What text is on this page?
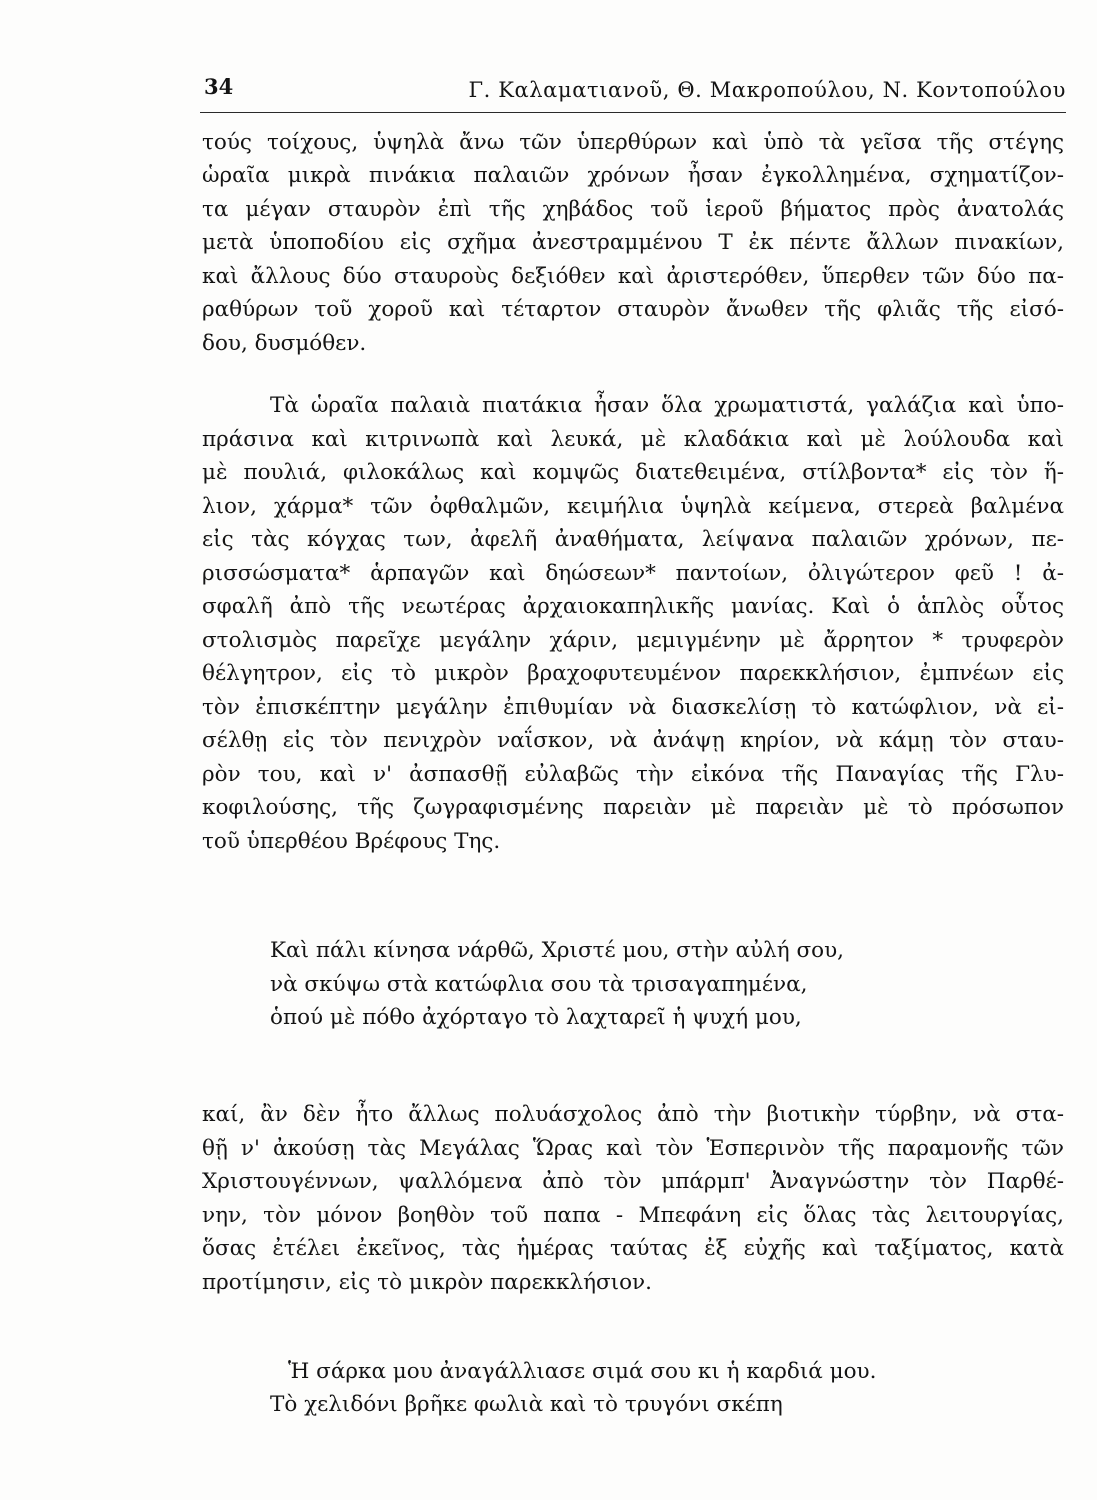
34	Γ. Καλαματιανοῦ, Θ. Μακροπούλου, Ν. Κοντοπούλου
τούς τοίχους, ὑψηλὰ ἄνω τῶν ὑπερθύρων καὶ ὑπὸ τὰ γεῖσα τῆς στέγης
ὡραῖα μικρὰ πινάκια παλαιῶν χρόνων ἦσαν ἐγκολλημένα, σχηματίζον-
τα μέγαν σταυρὸν ἐπὶ τῆς χηβάδος τοῦ ἱεροῦ βήματος πρὸς ἀνατολάς
μετὰ ὑποποδίου εἰς σχῆμα ἀνεστραμμένου Τ ἐκ πέντε ἄλλων πινακίων,
καὶ ἄλλους δύο σταυροὺς δεξιόθεν καὶ ἀριστερόθεν, ὕπερθεν τῶν δύο πα-
ραθύρων τοῦ χοροῦ καὶ τέταρτον σταυρὸν ἄνωθεν τῆς φλιᾶς τῆς εἰσό-
δου, δυσμόθεν.
Τὰ ὡραῖα παλαιὰ πιατάκια ἦσαν ὅλα χρωματιστά, γαλάζια καὶ ὑπο-
πράσινα καὶ κιτρινωπὰ καὶ λευκά, μὲ κλαδάκια καὶ μὲ λούλουδα καὶ
μὲ πουλιά, φιλοκάλως καὶ κομψῶς διατεθειμένα, στίλβοντα* εἰς τὸν ἥ-
λιον, χάρμα* τῶν ὀφθαλμῶν, κειμήλια ὑψηλὰ κείμενα, στερεὰ βαλμένα
εἰς τὰς κόγχας των, ἀφελῆ ἀναθήματα, λείψανα παλαιῶν χρόνων, πε-
ρισσώσματα* ἁρπαγῶν καὶ δηώσεων* παντοίων, ὀλιγώτερον φεῦ ! ἀ-
σφαλῆ ἀπὸ τῆς νεωτέρας ἀρχαιοκαπηλικῆς μανίας. Καὶ ὁ ἁπλὸς οὗτος
στολισμὸς παρεῖχε μεγάλην χάριν, μεμιγμένην μὲ ἄρρητον * τρυφερὸν
θέλγητρον, εἰς τὸ μικρὸν βραχοφυτευμένον παρεκκλήσιον, ἐμπνέων εἰς
τὸν ἐπισκέπτην μεγάλην ἐπιθυμίαν νὰ διασκελίσῃ τὸ κατώφλιον, νὰ εἰ-
σέλθῃ εἰς τὸν πενιχρὸν ναΐσκον, νὰ ἀνάψῃ κηρίον, νὰ κάμῃ τὸν σταυ-
ρὸν του, καὶ ν' ἀσπασθῇ εὐλαβῶς τὴν εἰκόνα τῆς Παναγίας τῆς Γλυ-
κοφιλούσης, τῆς ζωγραφισμένης παρειὰν μὲ παρειὰν μὲ τὸ πρόσωπον
τοῦ ὑπερθέου Βρέφους Της.
Καὶ πάλι κίνησα νάρθῶ, Χριστέ μου, στὴν αὐλή σου,
νὰ σκύψω στὰ κατώφλια σου τὰ τρισαγαπημένα,
ὁπού μὲ πόθο ἀχόρταγο τὸ λαχταρεῖ ἡ ψυχή μου,
καί, ἂν δὲν ἦτο ἄλλως πολυάσχολος ἀπὸ τὴν βιοτικὴν τύρβην, νὰ στα-
θῇ ν' ἀκούσῃ τὰς Μεγάλας Ὥρας καὶ τὸν Ἑσπερινὸν τῆς παραμονῆς τῶν
Χριστουγέννων, ψαλλόμενα ἀπὸ τὸν μπάρμπ' Ἀναγνώστην τὸν Παρθέ-
νην, τὸν μόνον βοηθὸν τοῦ παπα - Μπεφάνη εἰς ὅλας τὰς λειτουργίας,
ὅσας ἐτέλει ἐκεῖνος, τὰς ἡμέρας ταύτας ἐξ εὐχῆς καὶ ταξίματος, κατὰ
προτίμησιν, εἰς τὸ μικρὸν παρεκκλήσιον.
Ἡ σάρκα μου ἀναγάλλιασε σιμά σου κι ἡ καρδιά μου.
Τὸ χελιδόνι βρῆκε φωλιὰ καὶ τὸ τρυγόνι σκέπη
